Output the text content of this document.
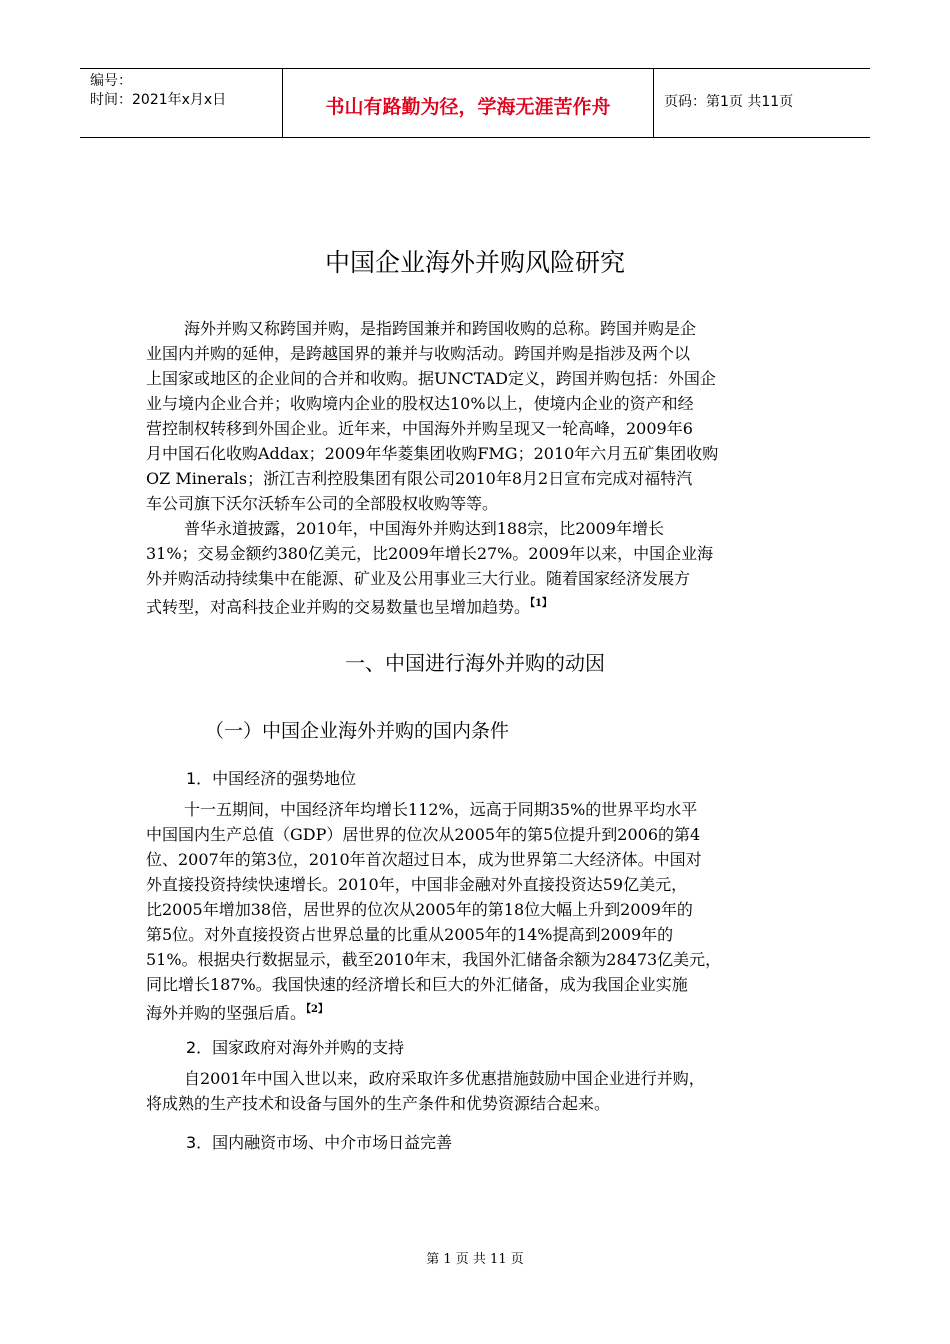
编号：
时间：2021年x月x日	书山有路勤为径，学海无涯苦作舟	页码：第1页 共11页
中国企业海外并购风险研究
海外并购又称跨国并购，是指跨国兼并和跨国收购的总称。跨国并购是企
业国内并购的延伸，是跨越国界的兼并与收购活动。跨国并购是指涉及两个以
上国家或地区的企业间的合并和收购。据UNCTAD定义，跨国并购包括：外国企
业与境内企业合并；收购境内企业的股权达10%以上，使境内企业的资产和经
营控制权转移到外国企业。近年来，中国海外并购呈现又一轮高峰，2009年6
月中国石化收购Addax；2009年华菱集团收购FMG；2010年六月五矿集团收购
OZ Minerals；浙江吉利控股集团有限公司2010年8月2日宣布完成对福特汽
车公司旗下沃尔沃轿车公司的全部股权收购等等。
普华永道披露，2010年，中国海外并购达到188宗，比2009年增长
31%；交易金额约380亿美元，比2009年增长27%。2009年以来，中国企业海
外并购活动持续集中在能源、矿业及公用事业三大行业。随着国家经济发展方
式转型，对高科技企业并购的交易数量也呈增加趋势。$^{【1】}$
一、中国进行海外并购的动因
（一）中国企业海外并购的国内条件
1．中国经济的强势地位
十一五期间，中国经济年均增长112%，远高于同期35%的世界平均水平
中国国内生产总值（GDP）居世界的位次从2005年的第5位提升到2006的第4
位、2007年的第3位，2010年首次超过日本，成为世界第二大经济体。中国对
外直接投资持续快速增长。2010年，中国非金融对外直接投资达59亿美元，
比2005年增加38倍，居世界的位次从2005年的第18位大幅上升到2009年的
第5位。对外直接投资占世界总量的比重从2005年的14%提高到2009年的
51%。根据央行数据显示，截至2010年末，我国外汇储备余额为28473亿美元，
同比增长187%。我国快速的经济增长和巨大的外汇储备，成为我国企业实施
海外并购的坚强后盾。$^{【2】}$
2．国家政府对海外并购的支持
自2001年中国入世以来，政府采取许多优惠措施鼓励中国企业进行并购，
将成熟的生产技术和设备与国外的生产条件和优势资源结合起来。
3．国内融资市场、中介市场日益完善
第 1 页 共 11 页
